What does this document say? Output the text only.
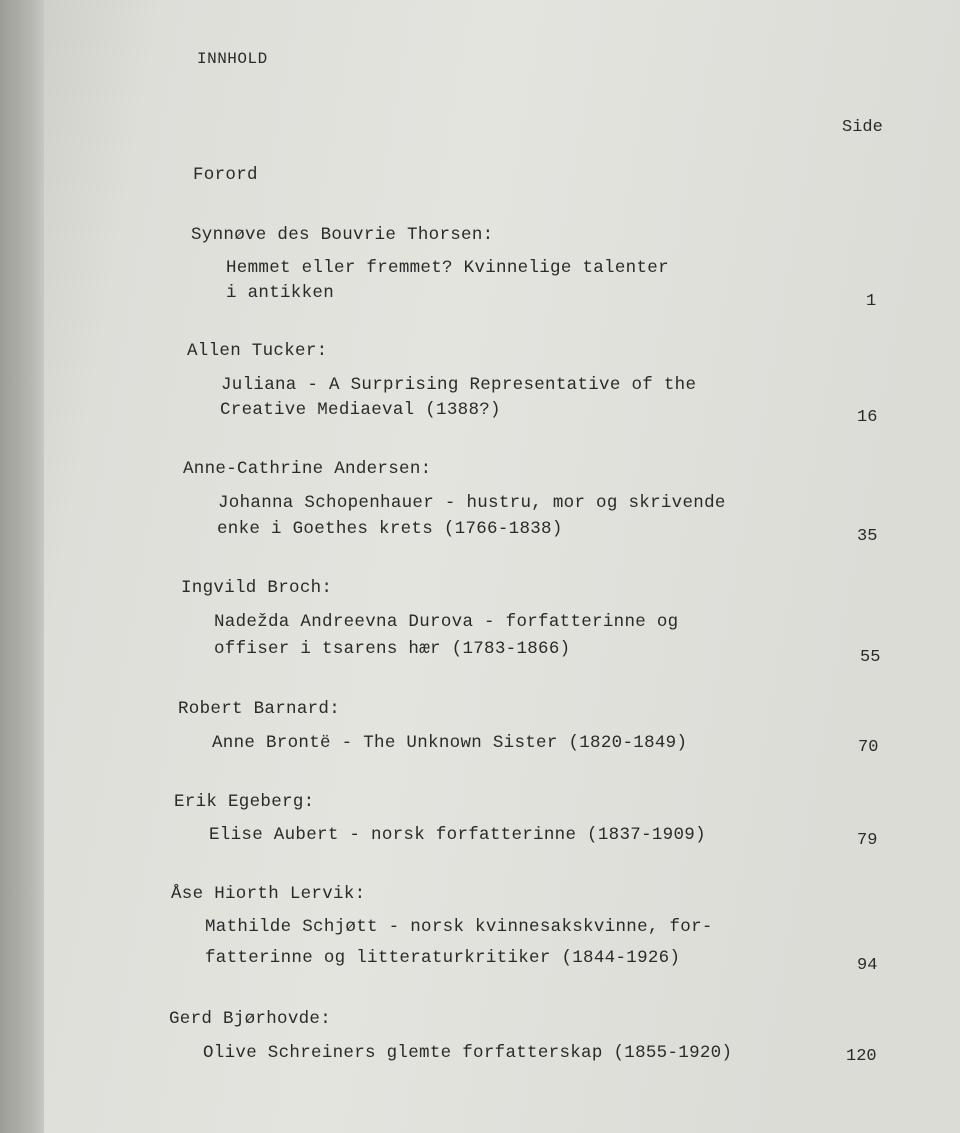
INNHOLD
Side
Forord
Synnøve des Bouvrie Thorsen:
Hemmet eller fremmet? Kvinnelige talenter
i antikken	1
Allen Tucker:
Juliana - A Surprising Representative of the
Creative Mediaeval (1388?)	16
Anne-Cathrine Andersen:
Johanna Schopenhauer - hustru, mor og skrivende
enke i Goethes krets (1766-1838)	35
Ingvild Broch:
Nadežda Andreevna Durova - forfatterinne og
offiser i tsarens hær (1783-1866)	55
Robert Barnard:
Anne Brontë - The Unknown Sister (1820-1849)	70
Erik Egeberg:
Elise Aubert - norsk forfatterinne (1837-1909)	79
Åse Hiorth Lervik:
Mathilde Schjøtt - norsk kvinnesakskvinne, for-
fatterinne og litteraturkritiker (1844-1926)	94
Gerd Bjørhovde:
Olive Schreiners glemte forfatterskap (1855-1920)	120
